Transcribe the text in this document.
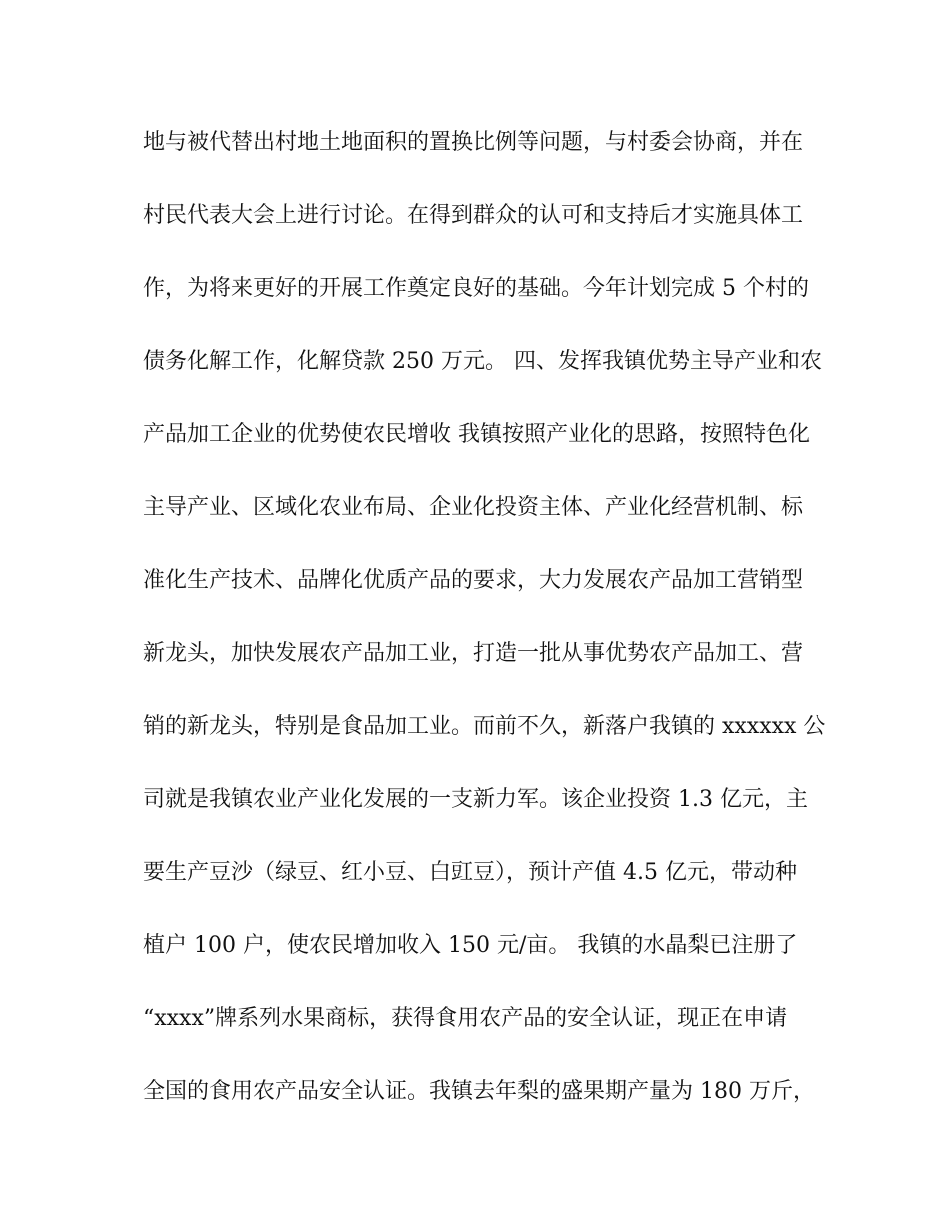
地与被代替出村地土地面积的置换比例等问题，与村委会协商，并在
村民代表大会上进行讨论。在得到群众的认可和支持后才实施具体工
作，为将来更好的开展工作奠定良好的基础。今年计划完成 5 个村的
债务化解工作，化解贷款 250 万元。 四、发挥我镇优势主导产业和农
产品加工企业的优势使农民增收 我镇按照产业化的思路，按照特色化
主导产业、区域化农业布局、企业化投资主体、产业化经营机制、标
准化生产技术、品牌化优质产品的要求，大力发展农产品加工营销型
新龙头，加快发展农产品加工业，打造一批从事优势农产品加工、营
销的新龙头，特别是食品加工业。而前不久，新落户我镇的 xxxxxx 公
司就是我镇农业产业化发展的一支新力军。该企业投资 1.3 亿元，主
要生产豆沙（绿豆、红小豆、白豇豆），预计产值 4.5 亿元，带动种
植户 100 户，使农民增加收入 150 元/亩。 我镇的水晶梨已注册了
“xxxx”牌系列水果商标，获得食用农产品的安全认证，现正在申请
全国的食用农产品安全认证。我镇去年梨的盛果期产量为 180 万斤，
